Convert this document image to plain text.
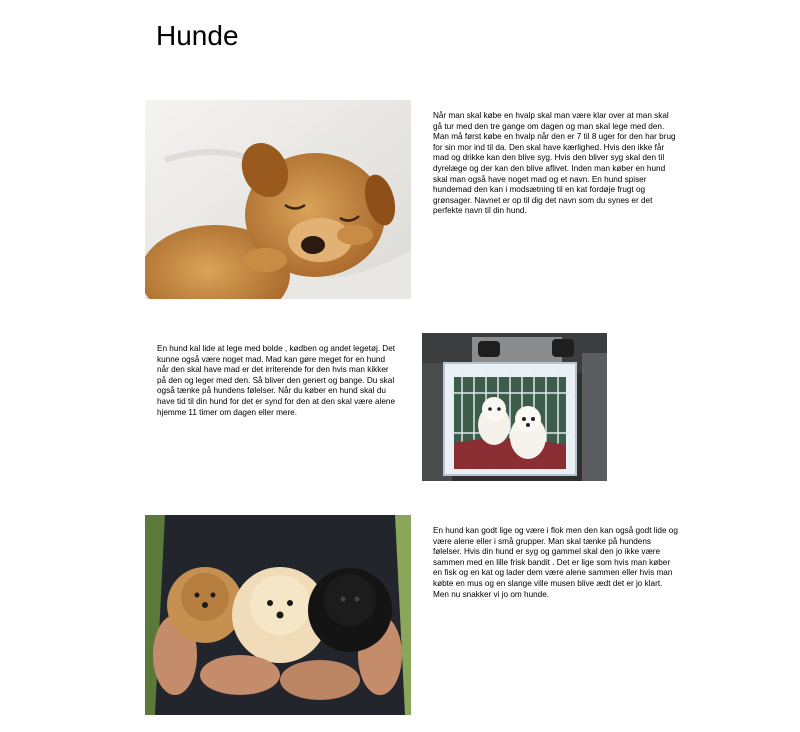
Hunde

Når man skal købe en hvalp skal man være klar over at man skal gå tur med den tre gange om dagen og man skal lege med den. Man må først købe en hvalp når den er 7 til 8 uger for den har brug for sin mor ind til da. Den skal have kærlighed. Hvis den ikke får mad og drikke kan den blive syg. Hvis den bliver syg skal den til dyrelæge og der kan den blive aflivet. Inden man køber en hund skal man også have noget mad og et navn. En hund spiser hundemad den kan i modsætning til en kat fordøje frugt og grønsager. Navnet er op til dig det navn som du synes er det perfekte navn til din hund.

En hund kal lide at lege med bolde , kødben og andet legetøj. Det kunne også være noget mad. Mad kan gøre meget for en hund når den skal have mad er det irriterende for den hvis man kikker på den og leger med den. Så bliver den genert og bange. Du skal også tænke på hundens følelser. Når du køber en hund skal du have tid til din hund for det er synd for den at den skal være alene hjemme 11 timer om dagen eller mere.

En hund kan godt lige og være i flok men den kan også godt lide og være alene eller i små grupper. Man skal tænke på hundens følelser. Hvis din hund er syg og gammel skal den jo ikke være sammen med en lille frisk bandit . Det er lige som hvis man køber en fisk og en kat og lader dem være alene sammen eller hvis man købte en mus og en slange ville musen blive ædt det er jo klart. Men nu snakker vi jo om hunde.
